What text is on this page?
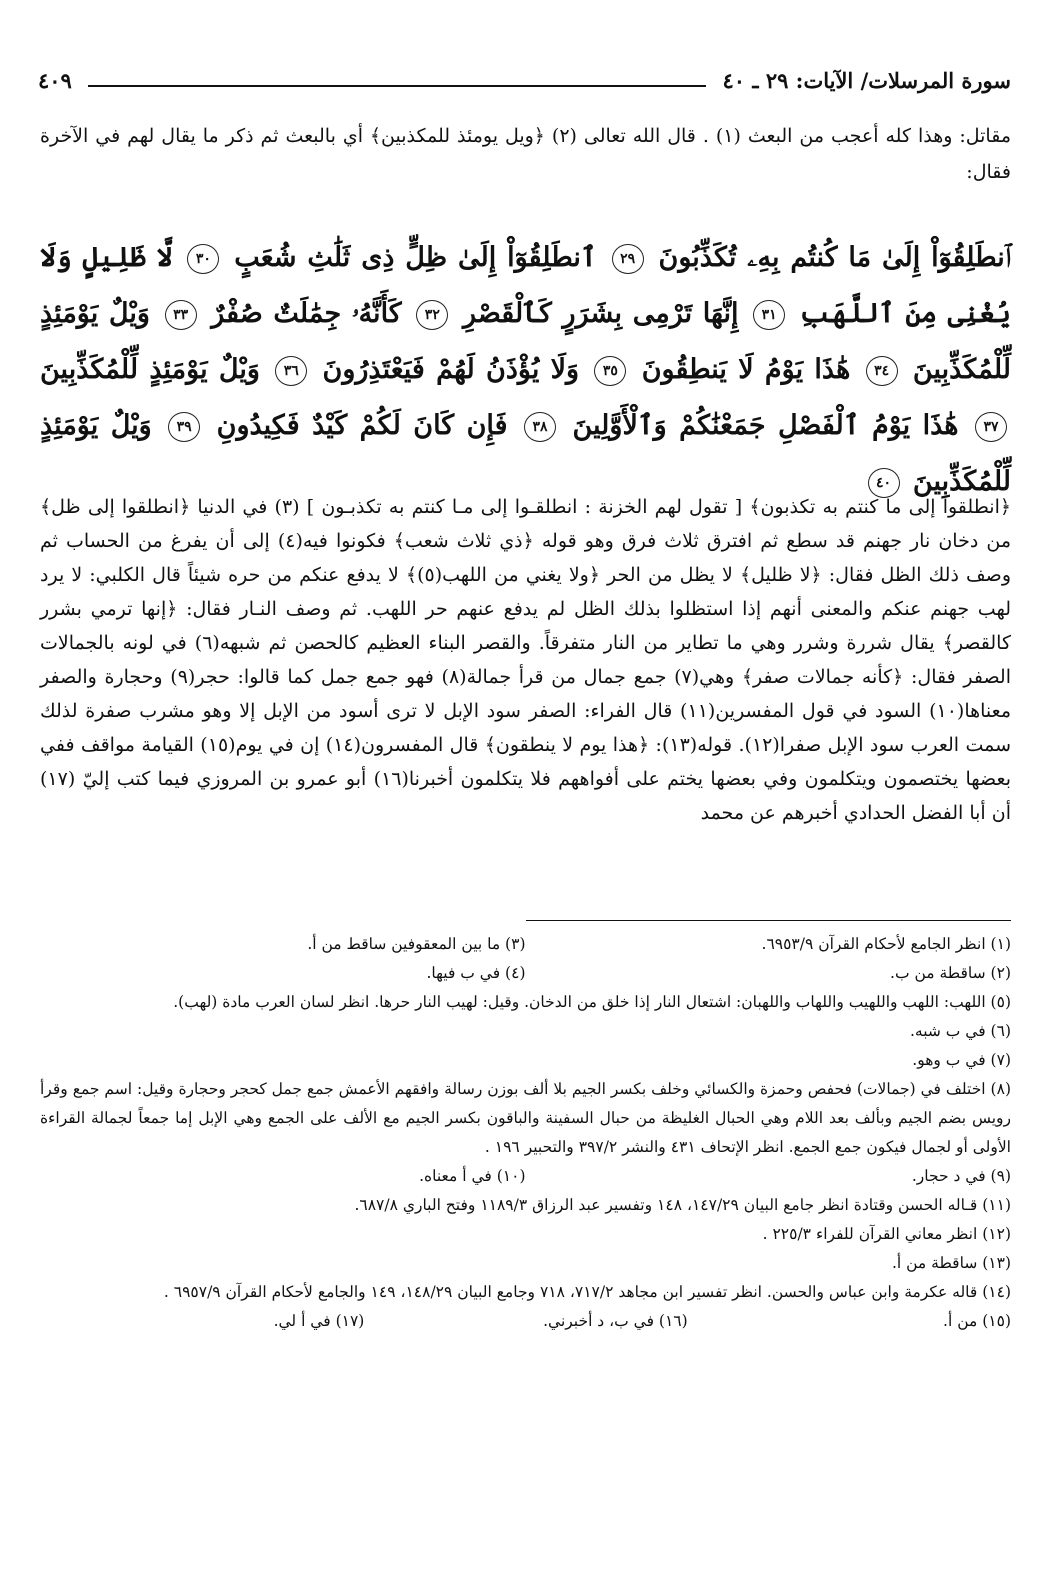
سورة المرسلات/ الآيات: ٢٩ ـ ٤٠
٤٠٩
مقاتل: وهذا كله أعجب من البعث (١) . قال الله تعالى (٢) ﴿ويل يومئذ للمكذبين﴾ أي بالبعث ثم ذكر ما يقال لهم في الآخرة فقال:
ٱنطَلِقُوٓاْ إِلَىٰ مَا كُنتُم بِهِۦ تُكَذِّبُونَ ٢٩ ٱنطَلِقُوٓاْ إِلَىٰ ظِلٍّ ذِى ثَلَٰثِ شُعَبٍ ٣٠ لَّا ظَلِيلٍ وَلَا يُغْنِى مِنَ ٱللَّهَبِ ٣١ إِنَّهَا تَرْمِى بِشَرَرٍ كَٱلْقَصْرِ ٣٢ كَأَنَّهُۥ جِمَٰلَتٌ صُفْرٌ ٣٣ وَيْلٌ يَوْمَئِذٍ لِّلْمُكَذِّبِينَ ٣٤ هَٰذَا يَوْمُ لَا يَنطِقُونَ ٣٥ وَلَا يُؤْذَنُ لَهُمْ فَيَعْتَذِرُونَ ٣٦ وَيْلٌ يَوْمَئِذٍ لِّلْمُكَذِّبِينَ ٣٧ هَٰذَا يَوْمُ ٱلْفَصْلِ جَمَعْنَٰكُمْ وَٱلْأَوَّلِينَ ٣٨ فَإِن كَانَ لَكُمْ كَيْدٌ فَكِيدُونِ ٣٩ وَيْلٌ يَوْمَئِذٍ لِّلْمُكَذِّبِينَ ٤٠

﴿انطلقوا إلى ما كنتم به تكذبون﴾ [ تقول لهم الخزنة : انطلقـوا إلى مـا كنتم به تكذبـون ] (٣) في الدنيا ﴿انطلقوا إلى ظل﴾ من دخان نار جهنم قد سطع ثم افترق ثلاث فرق وهو قوله ﴿ذي ثلاث شعب﴾ فكونوا فيه(٤) إلى أن يفرغ من الحساب ثم وصف ذلك الظل فقال: ﴿لا ظليل﴾ لا يظل من الحر ﴿ولا يغني من اللهب(٥)﴾ لا يدفع عنكم من حره شيئاً قال الكلبي: لا يرد لهب جهنم عنكم والمعنى أنهم إذا استظلوا بذلك الظل لم يدفع عنهم حر اللهب. ثم وصف النـار فقال: ﴿إنها ترمي بشرر كالقصر﴾ يقال شررة وشرر وهي ما تطاير من النار متفرقاً. والقصر البناء العظيم كالحصن ثم شبهه(٦) في لونه بالجمالات الصفر فقال: ﴿كأنه جمالات صفر﴾ وهي(٧) جمع جمال من قرأ جمالة(٨) فهو جمع جمل كما قالوا: حجر(٩) وحجارة والصفر معناها(١٠) السود في قول المفسرين(١١) قال الفراء: الصفر سود الإبل لا ترى أسود من الإبل إلا وهو مشرب صفرة لذلك سمت العرب سود الإبل صفرا(١٢). قوله(١٣): ﴿هذا يوم لا ينطقون﴾ قال المفسرون(١٤) إن في يوم(١٥) القيامة مواقف ففي بعضها يختصمون ويتكلمون وفي بعضها يختم على أفواههم فلا يتكلمون أخبرنا(١٦) أبو عمرو بن المروزي فيما كتب إليّ (١٧) أن أبا الفضل الحدادي أخبرهم عن محمد

(١) انظر الجامع لأحكام القرآن ٦٩٥٣/٩.
(٣) ما بين المعقوفين ساقط من أ.
(٢) ساقطة من ب.
(٤) في ب فيها.

(٥) اللهب: اللهب واللهيب واللهاب واللهبان: اشتعال النار إذا خلق من الدخان. وقيل: لهيب النار حرها. انظر لسان العرب مادة (لهب).

(٦) في ب شبه.

(٧) في ب وهو.

(٨) اختلف في (جمالات) فحفص وحمزة والكسائي وخلف بكسر الجيم بلا ألف بوزن رسالة وافقهم الأعمش جمع جمل كحجر وحجارة وقيل: اسم جمع وقرأ رويس بضم الجيم وبألف بعد اللام وهي الحبال الغليظة من حبال السفينة والباقون بكسر الجيم مع الألف على الجمع وهي الإبل إما جمعاً لجمالة القراءة الأولى أو لجمال فيكون جمع الجمع. انظر الإتحاف ٤٣١ والنشر ٣٩٧/٢ والتحبير ١٩٦ .

(٩) في د حجار.
(١٠) في أ معناه.

(١١) قـاله الحسن وقتادة انظر جامع البيان ١٤٧/٢٩، ١٤٨ وتفسير عبد الرزاق ١١٨٩/٣ وفتح الباري ٦٨٧/٨.

(١٢) انظر معاني القرآن للفراء ٢٢٥/٣ .

(١٣) ساقطة من أ.

(١٤) قاله عكرمة وابن عباس والحسن. انظر تفسير ابن مجاهد ٧١٧/٢، ٧١٨ وجامع البيان ١٤٨/٢٩، ١٤٩ والجامع لأحكام القرآن ٦٩٥٧/٩ .

(١٥) من أ.
(١٦) في ب، د أخبرني.
(١٧) في أ لي.
